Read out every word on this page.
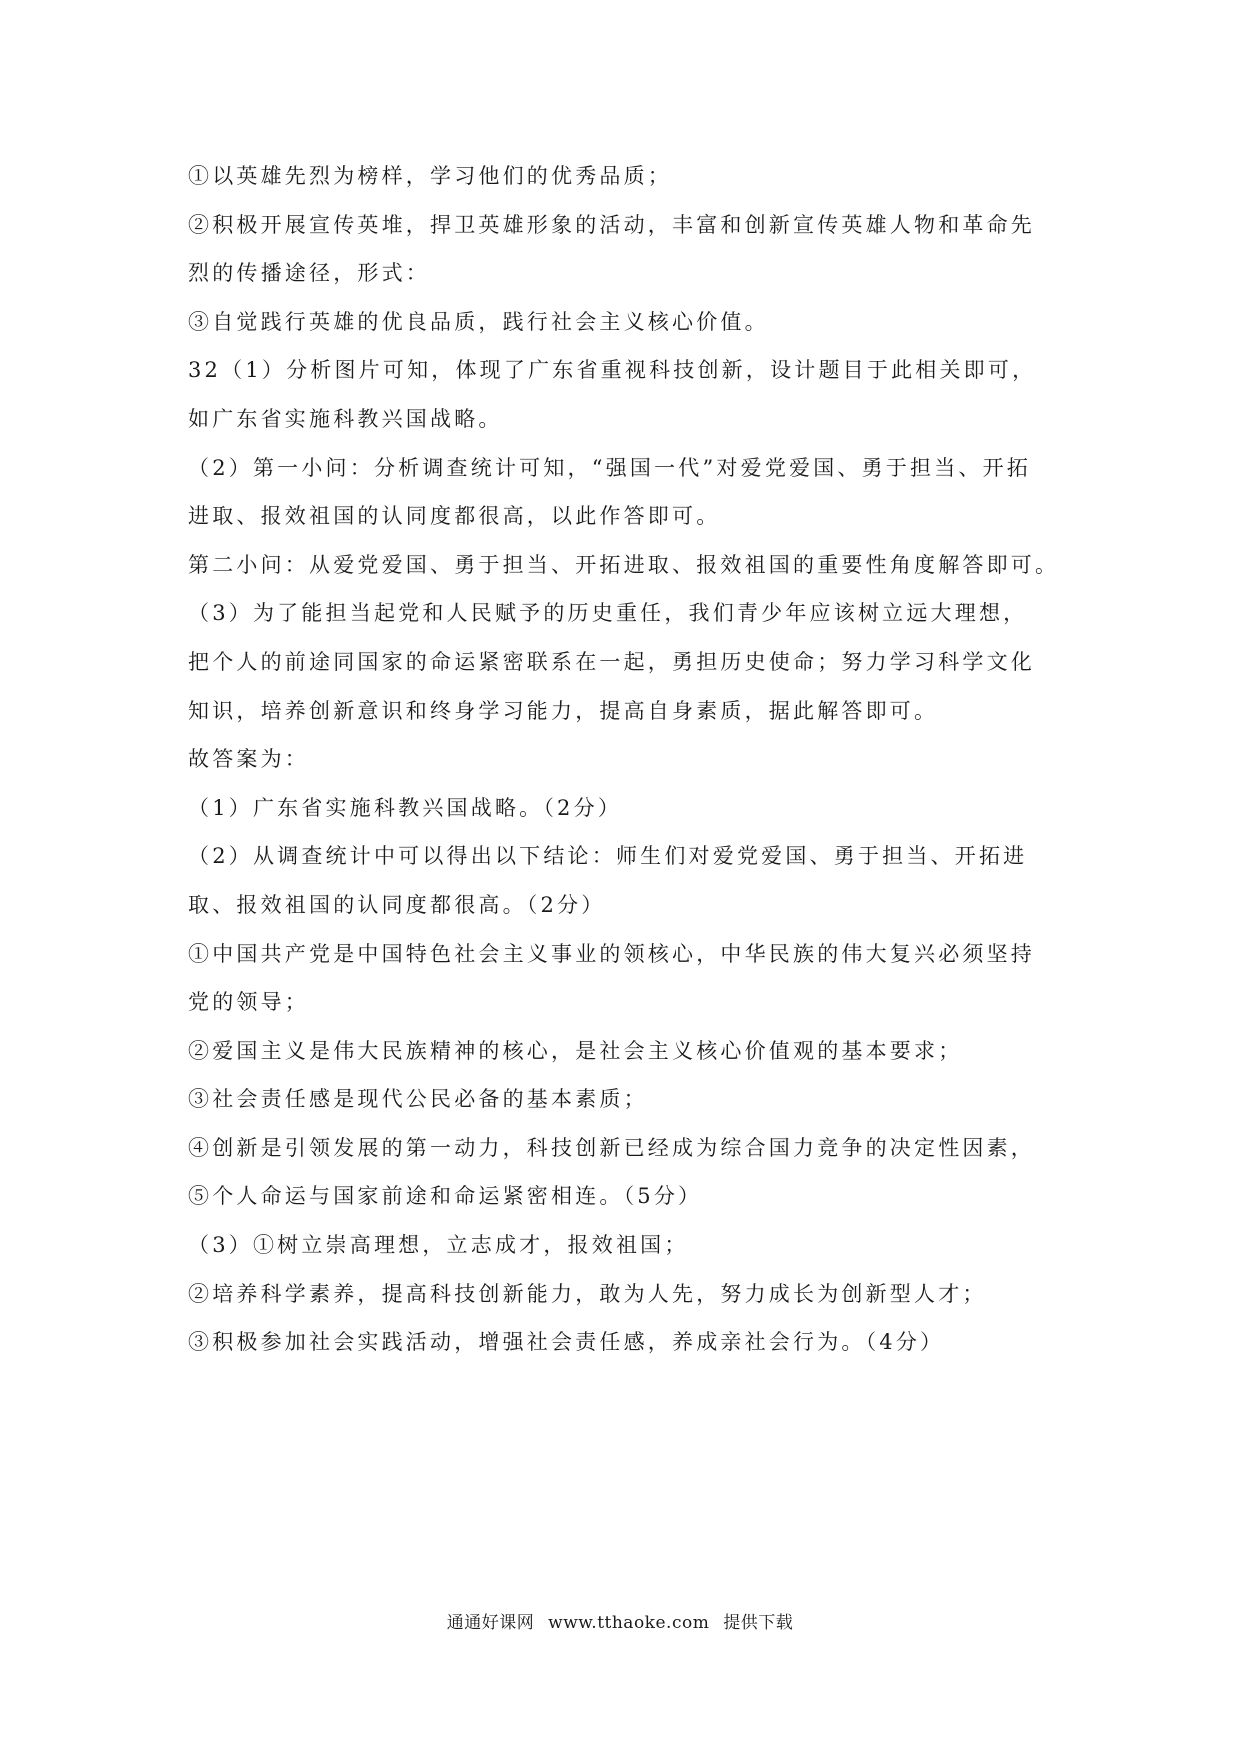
①以英雄先烈为榜样，学习他们的优秀品质；
②积极开展宣传英堆，捍卫英雄形象的活动，丰富和创新宣传英雄人物和革命先
烈的传播途径，形式：
③自觉践行英雄的优良品质，践行社会主义核心价值。
32（1）分析图片可知，体现了广东省重视科技创新，设计题目于此相关即可，
如广东省实施科教兴国战略。
（2）第一小问：分析调查统计可知，“强国一代”对爱党爱国、勇于担当、开拓
进取、报效祖国的认同度都很高，以此作答即可。
第二小问：从爱党爱国、勇于担当、开拓进取、报效祖国的重要性角度解答即可。
（3）为了能担当起党和人民赋予的历史重任，我们青少年应该树立远大理想，
把个人的前途同国家的命运紧密联系在一起，勇担历史使命；努力学习科学文化
知识，培养创新意识和终身学习能力，提高自身素质，据此解答即可。
故答案为：
（1）广东省实施科教兴国战略。（2分）
（2）从调查统计中可以得出以下结论：师生们对爱党爱国、勇于担当、开拓进
取、报效祖国的认同度都很高。（2分）
①中国共产党是中国特色社会主义事业的领核心，中华民族的伟大复兴必须坚持
党的领导；
②爱国主义是伟大民族精神的核心，是社会主义核心价值观的基本要求；
③社会责任感是现代公民必备的基本素质；
④创新是引领发展的第一动力，科技创新已经成为综合国力竞争的决定性因素，
⑤个人命运与国家前途和命运紧密相连。（5分）
（3）①树立崇高理想，立志成才，报效祖国；
②培养科学素养，提高科技创新能力，敢为人先，努力成长为创新型人才；
③积极参加社会实践活动，增强社会责任感，养成亲社会行为。（4分）
通通好课网 www.tthaoke.com 提供下载
